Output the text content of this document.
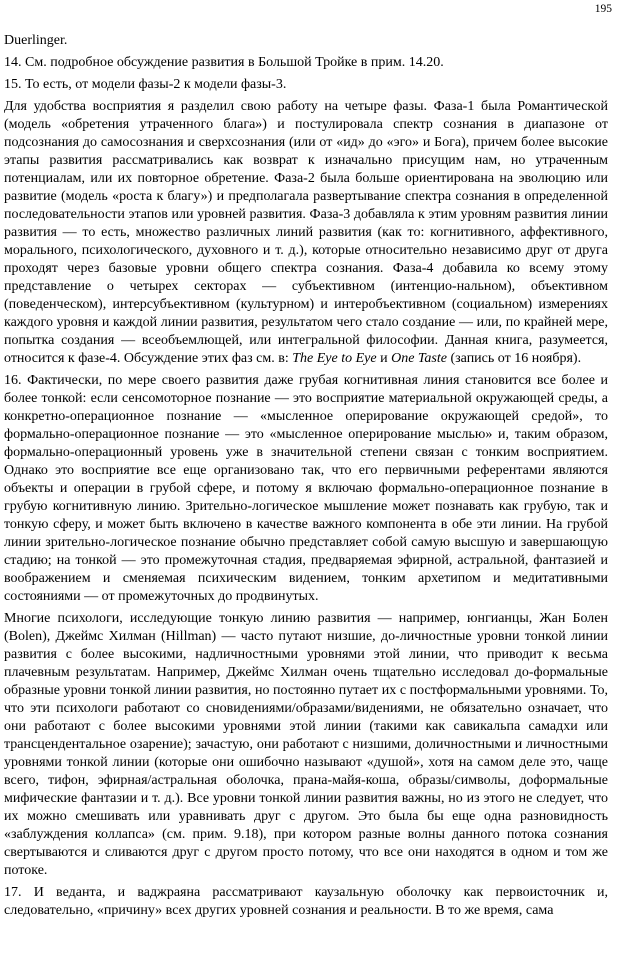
195
Duerlinger.
14. См. подробное обсуждение развития в Большой Тройке в прим. 14.20.
15. То есть, от модели фазы-2 к модели фазы-3.

Для удобства восприятия я разделил свою работу на четыре фазы. Фаза-1 была Романтической (модель «обретения утраченного блага») и постулировала спектр сознания в диапазоне от подсознания до самосознания и сверхсознания (или от «ид» до «эго» и Бога), причем более высокие этапы развития рассматривались как возврат к изначально присущим нам, но утраченным потенциалам, или их повторное обретение. Фаза-2 была больше ориентирована на эволюцию или развитие (модель «роста к благу») и предполагала развертывание спектра сознания в определенной последовательности этапов или уровней развития. Фаза-3 добавляла к этим уровням развития линии развития — то есть, множество различных линий развития (как то: когнитивного, аффективного, морального, психологического, духовного и т. д.), которые относительно независимо друг от друга проходят через базовые уровни общего спектра сознания. Фаза-4 добавила ко всему этому представление о четырех секторах — субъективном (интенцио-нальном), объективном (поведенческом), интерсубъективном (культурном) и интеробъективном (социальном) измерениях каждого уровня и каждой линии развития, результатом чего стало создание — или, по крайней мере, попытка создания — всеобъемлющей, или интегральной философии. Данная книга, разумеется, относится к фазе-4. Обсуждение этих фаз см. в: The Eye to Eye и One Taste (запись от 16 ноября).

16. Фактически, по мере своего развития даже грубая когнитивная линия становится все более и более тонкой: если сенсомоторное познание — это восприятие материальной окружающей среды, а конкретно-операционное познание — «мысленное оперирование окружающей средой», то формально-операционное познание — это «мысленное оперирование мыслью» и, таким образом, формально-операционный уровень уже в значительной степени связан с тонким восприятием. Однако это восприятие все еще организовано так, что его первичными референтами являются объекты и операции в грубой сфере, и потому я включаю формально-операционное познание в грубую когнитивную линию. Зрительно-логическое мышление может познавать как грубую, так и тонкую сферу, и может быть включено в качестве важного компонента в обе эти линии. На грубой линии зрительно-логическое познание обычно представляет собой самую высшую и завершающую стадию; на тонкой — это промежуточная стадия, предваряемая эфирной, астральной, фантазией и воображением и сменяемая психическим видением, тонким архетипом и медитативными состояниями — от промежуточных до продвинутых.

Многие психологи, исследующие тонкую линию развития — например, юнгианцы, Жан Болен (Bolen), Джеймс Хилман (Hillman) — часто путают низшие, до-личностные уровни тонкой линии развития с более высокими, надличностными уровнями этой линии, что приводит к весьма плачевным результатам. Например, Джеймс Хилман очень тщательно исследовал до-формальные образные уровни тонкой линии развития, но постоянно путает их с постформальными уровнями. То, что эти психологи работают со сновидениями/образами/видениями, не обязательно означает, что они работают с более высокими уровнями этой линии (такими как савикальпа самадхи или трансцендентальное озарение); зачастую, они работают с низшими, доличностными и личностными уровнями тонкой линии (которые они ошибочно называют «душой», хотя на самом деле это, чаще всего, тифон, эфирная/астральная оболочка, прана-майя-коша, образы/символы, доформальные мифические фантазии и т. д.). Все уровни тонкой линии развития важны, но из этого не следует, что их можно смешивать или уравнивать друг с другом. Это была бы еще одна разновидность «заблуждения коллапса» (см. прим. 9.18), при котором разные волны данного потока сознания свертываются и сливаются друг с другом просто потому, что все они находятся в одном и том же потоке.

17. И веданта, и ваджраяна рассматривают каузальную оболочку как первоисточник и, следовательно, «причину» всех других уровней сознания и реальности. В то же время, сама
